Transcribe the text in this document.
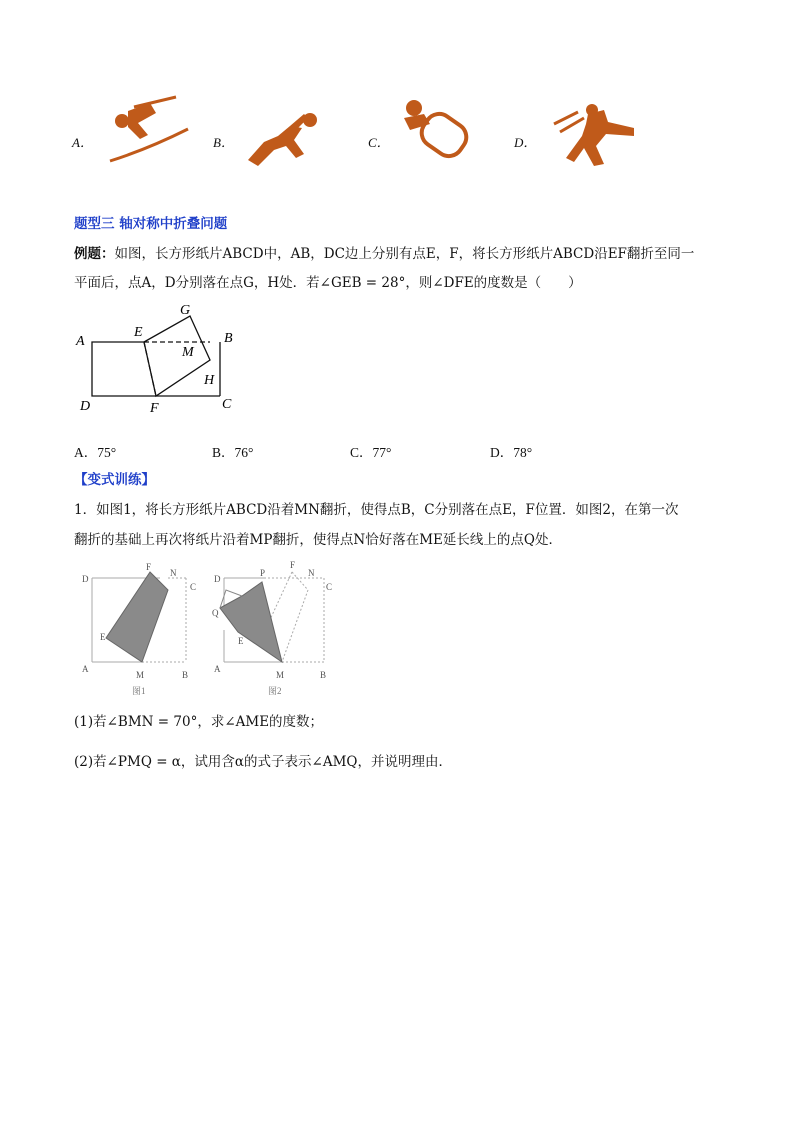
A．	B．	C．	D．
题型三 轴对称中折叠问题
例题：如图，长方形纸片ABCD中，AB，DC边上分别有点E，F，将长方形纸片ABCD沿EF翻折至同一
平面后，点A，D分别落在点G，H处．若∠GEB = 28°，则∠DFE的度数是（　　）
A	B
C
D
E
F
G
H
M
A．75°	B．76°	C．77°	D．78°
【变式训练】
1．如图1，将长方形纸片ABCD沿着MN翻折，使得点B，C分别落在点E，F位置．如图2，在第一次
翻折的基础上再次将纸片沿着MP翻折，使得点N恰好落在ME延长线上的点Q处．
D
F
N
C
E
A
M	B
图1
D
P
F
N
C
Q
E
A
M	B
图2
(1)若∠BMN = 70°，求∠AME的度数；
(2)若∠PMQ = α，试用含α的式子表示∠AMQ，并说明理由．
